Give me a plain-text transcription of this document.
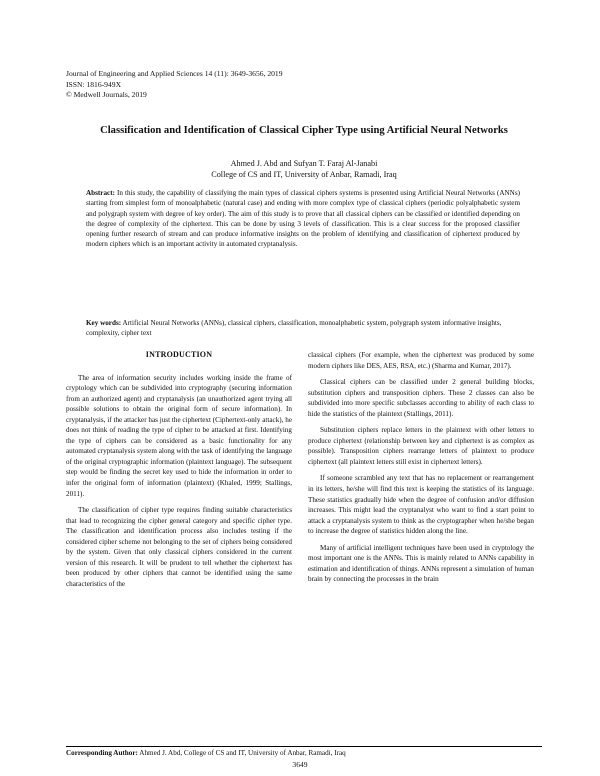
Journal of Engineering and Applied Sciences 14 (11): 3649-3656, 2019
ISSN: 1816-949X
© Medwell Journals, 2019
Classification and Identification of Classical Cipher Type using Artificial Neural Networks
Ahmed J. Abd and Sufyan T. Faraj Al-Janabi
College of CS and IT, University of Anbar, Ramadi, Iraq
Abstract: In this study, the capability of classifying the main types of classical ciphers systems is presented using Artificial Neural Networks (ANNs) starting from simplest form of monoalphabetic (natural case) and ending with more complex type of classical ciphers (periodic polyalphabetic system and polygraph system with degree of key order). The aim of this study is to prove that all classical ciphers can be classified or identified depending on the degree of complexity of the ciphertext. This can be done by using 3 levels of classification. This is a clear success for the proposed classifier opening further research of stream and can produce informative insights on the problem of identifying and classification of ciphertext produced by modern ciphers which is an important activity in automated cryptanalysis.
Key words: Artificial Neural Networks (ANNs), classical ciphers, classification, monoalphabetic system, polygraph system informative insights, complexity, cipher text
INTRODUCTION

The area of information security includes working inside the frame of cryptology which can be subdivided into cryptography (securing information from an authorized agent) and cryptanalysis (an unauthorized agent trying all possible solutions to obtain the original form of secure information). In cryptanalysis, if the attacker has just the ciphertext (Ciphertext-only attack), he does not think of reading the type of cipher to be attacked at first. Identifying the type of ciphers can be considered as a basic functionality for any automated cryptanalysis system along with the task of identifying the language of the original cryptographic information (plaintext language). The subsequent step would be finding the secret key used to hide the information in order to infer the original form of information (plaintext) (Khaled, 1999; Stallings, 2011).

The classification of cipher type requires finding suitable characteristics that lead to recognizing the cipher general category and specific cipher type. The classification and identification process also includes testing if the considered cipher scheme not belonging to the set of ciphers being considered by the system. Given that only classical ciphers considered in the current version of this research. It will be prudent to tell whether the ciphertext has been produced by other ciphers that cannot be identified using the same characteristics of the

classical ciphers (For example, when the ciphertext was produced by some modern ciphers like DES, AES, RSA, etc.) (Sharma and Kumar, 2017).

Classical ciphers can be classified under 2 general building blocks, substitution ciphers and transposition ciphers. These 2 classes can also be subdivided into more specific subclasses according to ability of each class to hide the statistics of the plaintext (Stallings, 2011).

Substitution ciphers replace letters in the plaintext with other letters to produce ciphertext (relationship between key and ciphertext is as complex as possible). Transposition ciphers rearrange letters of plaintext to produce ciphertext (all plaintext letters still exist in ciphertext letters).

If someone scrambled any text that has no replacement or rearrangement in its letters, he/she will find this text is keeping the statistics of its language. These statistics gradually hide when the degree of confusion and/or diffusion increases. This might lead the cryptanalyst who want to find a start point to attack a cryptanalysis system to think as the cryptographer when he/she began to increase the degree of statistics hidden along the line.

Many of artificial intelligent techniques have been used in cryptology the most important one is the ANNs. This is mainly related to ANNs capability in estimation and identification of things. ANNs represent a simulation of human brain by connecting the processes in the brain

Corresponding Author: Ahmed J. Abd, College of CS and IT, University of Anbar, Ramadi, Iraq
3649
